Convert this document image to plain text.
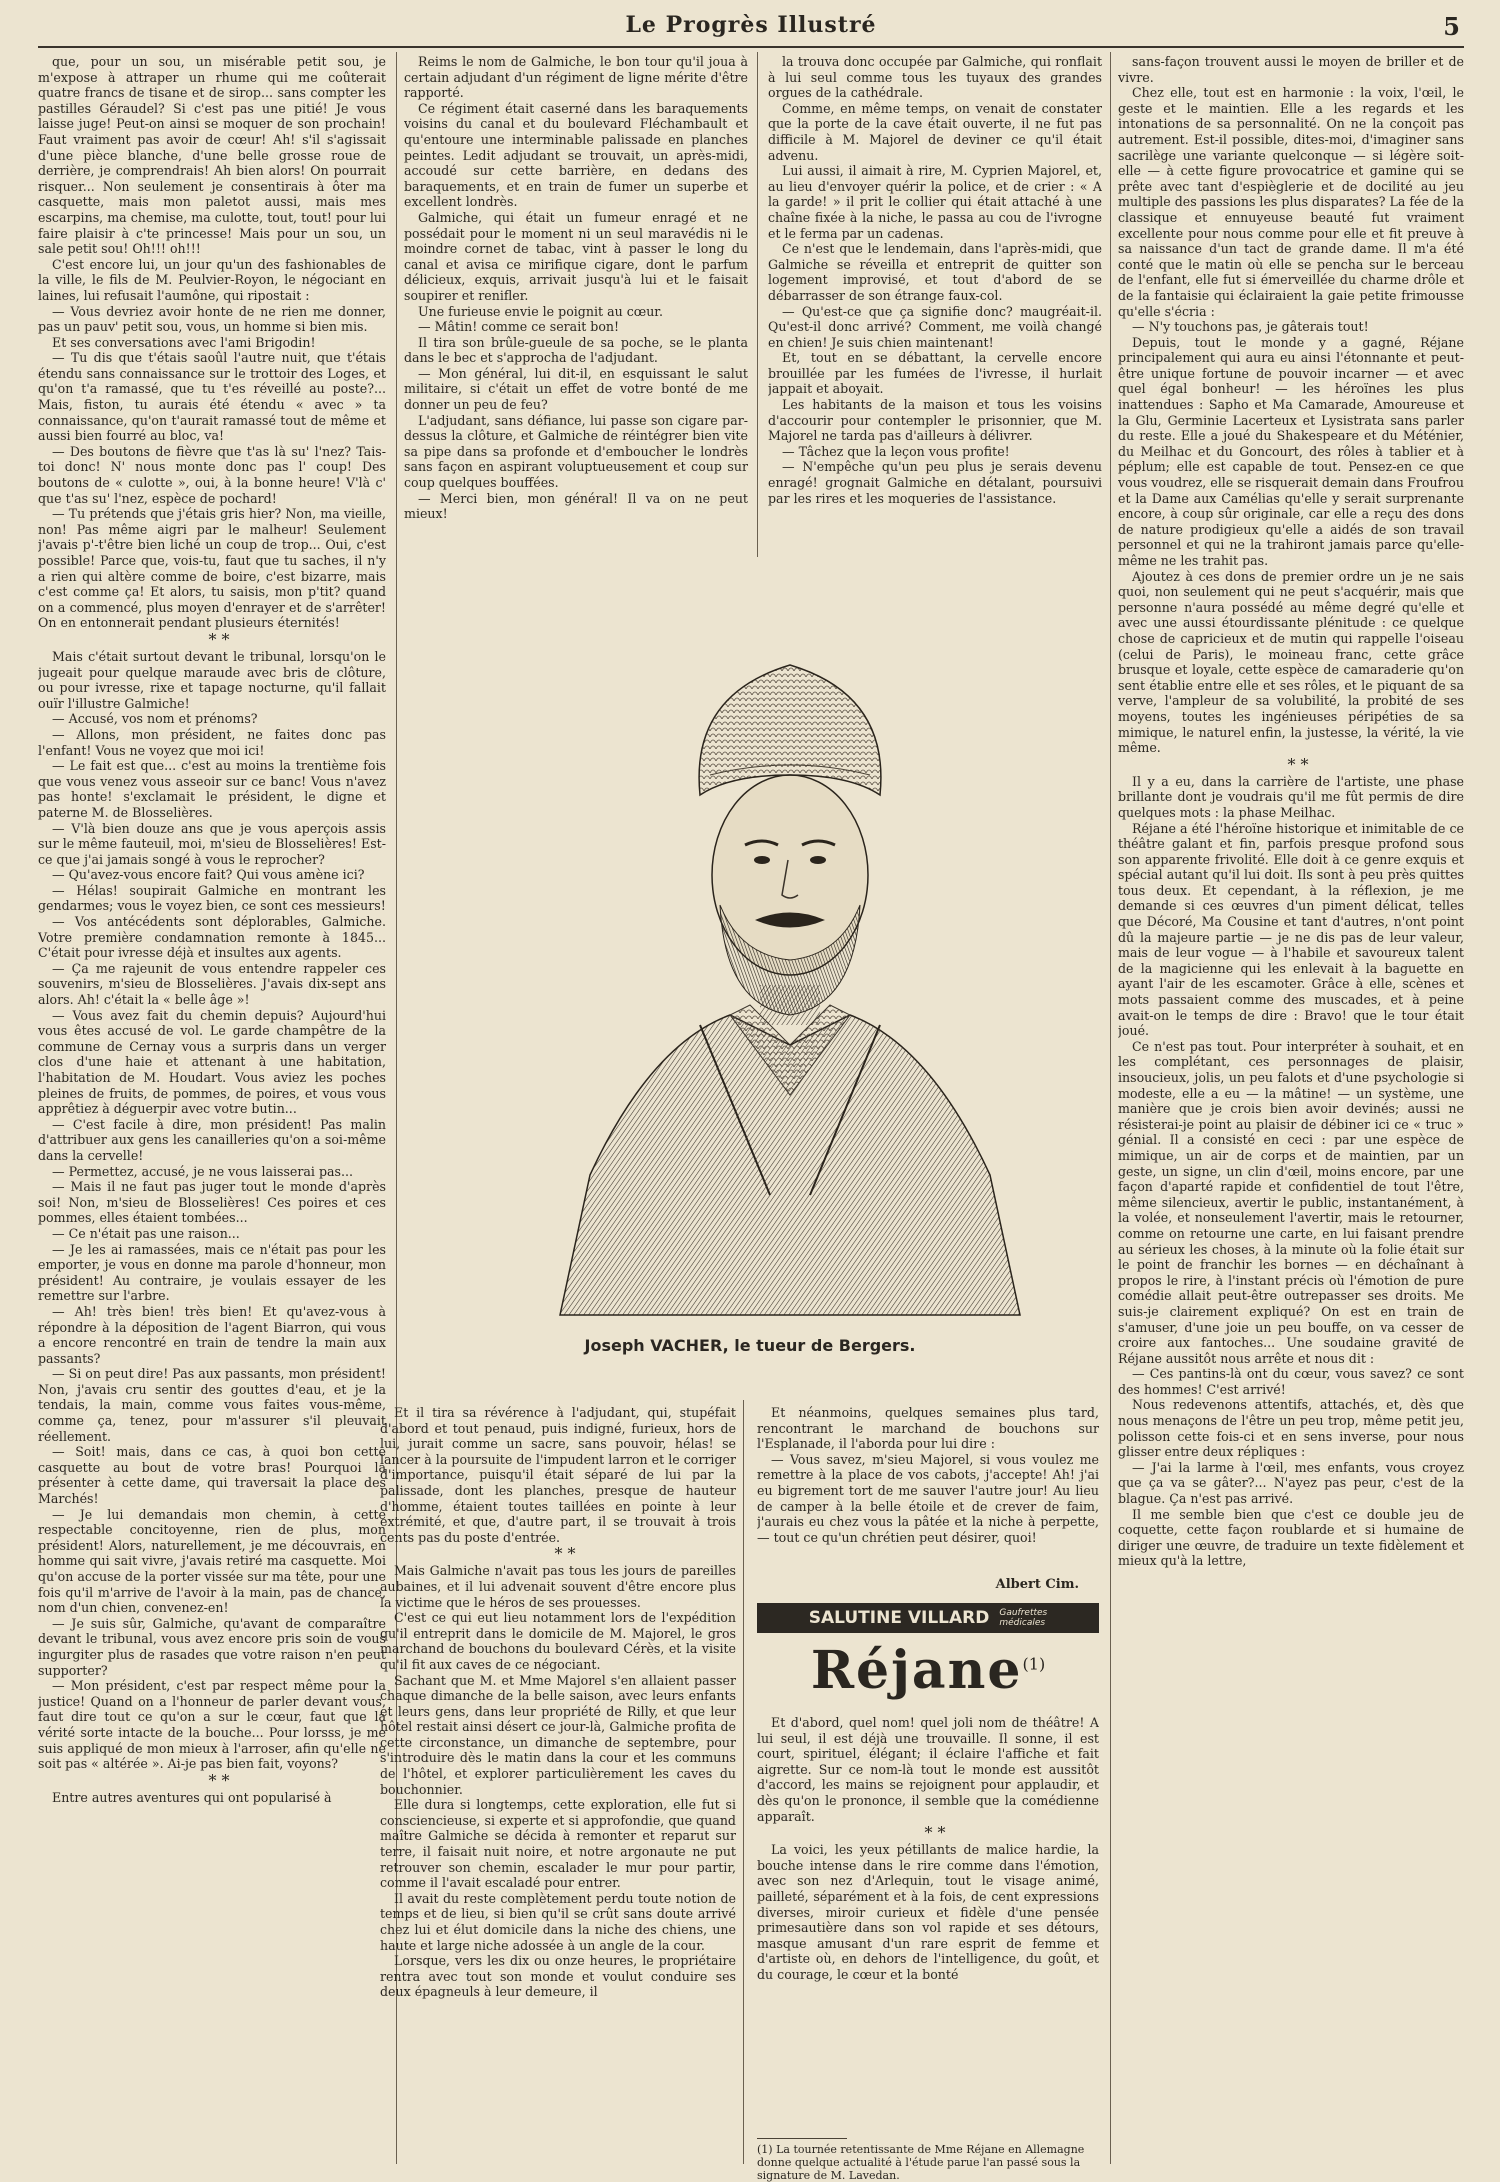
Le Progrès Illustré	5

que, pour un sou, un misérable petit sou, je m'expose à attraper un rhume qui me coûterait quatre francs de tisane et de sirop... sans compter les pastilles Géraudel? Si c'est pas une pitié! Je vous laisse juge! Peut-on ainsi se moquer de son prochain! Faut vraiment pas avoir de cœur! Ah! s'il s'agissait d'une pièce blanche, d'une belle grosse roue de derrière, je comprendrais! Ah bien alors! On pourrait risquer... Non seulement je consentirais à ôter ma casquette, mais mon paletot aussi, mais mes escarpins, ma chemise, ma culotte, tout, tout! pour lui faire plaisir à c'te princesse! Mais pour un sou, un sale petit sou! Oh!!! oh!!!

C'est encore lui, un jour qu'un des fashionables de la ville, le fils de M. Peulvier-Royon, le négociant en laines, lui refusait l'aumône, qui ripostait :

— Vous devriez avoir honte de ne rien me donner, pas un pauv' petit sou, vous, un homme si bien mis.

Et ses conversations avec l'ami Brigodin!

— Tu dis que t'étais saoûl l'autre nuit, que t'étais étendu sans connaissance sur le trottoir des Loges, et qu'on t'a ramassé, que tu t'es réveillé au poste?... Mais, fiston, tu aurais été étendu « avec » ta connaissance, qu'on t'aurait ramassé tout de même et aussi bien fourré au bloc, va!

— Des boutons de fièvre que t'as là su' l'nez? Tais-toi donc! N' nous monte donc pas l' coup! Des boutons de « culotte », oui, à la bonne heure! V'là c' que t'as su' l'nez, espèce de pochard!

— Tu prétends que j'étais gris hier? Non, ma vieille, non! Pas même aigri par le malheur! Seulement j'avais p'-t'être bien liché un coup de trop... Oui, c'est possible! Parce que, vois-tu, faut que tu saches, il n'y a rien qui altère comme de boire, c'est bizarre, mais c'est comme ça! Et alors, tu saisis, mon p'tit? quand on a commencé, plus moyen d'enrayer et de s'arrêter! On en entonnerait pendant plusieurs éternités!

* *

Mais c'était surtout devant le tribunal, lorsqu'on le jugeait pour quelque maraude avec bris de clôture, ou pour ivresse, rixe et tapage nocturne, qu'il fallait ouïr l'illustre Galmiche!

— Accusé, vos nom et prénoms?

— Allons, mon président, ne faites donc pas l'enfant! Vous ne voyez que moi ici!

— Le fait est que... c'est au moins la trentième fois que vous venez vous asseoir sur ce banc! Vous n'avez pas honte! s'exclamait le président, le digne et paterne M. de Blosselières.

— V'là bien douze ans que je vous aperçois assis sur le même fauteuil, moi, m'sieu de Blosselières! Est-ce que j'ai jamais songé à vous le reprocher?

— Qu'avez-vous encore fait? Qui vous amène ici?

— Hélas! soupirait Galmiche en montrant les gendarmes; vous le voyez bien, ce sont ces messieurs!

— Vos antécédents sont déplorables, Galmiche. Votre première condamnation remonte à 1845... C'était pour ivresse déjà et insultes aux agents.

— Ça me rajeunit de vous entendre rappeler ces souvenirs, m'sieu de Blosselières. J'avais dix-sept ans alors. Ah! c'était la « belle âge »!

— Vous avez fait du chemin depuis? Aujourd'hui vous êtes accusé de vol. Le garde champêtre de la commune de Cernay vous a surpris dans un verger clos d'une haie et attenant à une habitation, l'habitation de M. Houdart. Vous aviez les poches pleines de fruits, de pommes, de poires, et vous vous apprêtiez à déguerpir avec votre butin...

— C'est facile à dire, mon président! Pas malin d'attribuer aux gens les canailleries qu'on a soi-même dans la cervelle!

— Permettez, accusé, je ne vous laisserai pas...

— Mais il ne faut pas juger tout le monde d'après soi! Non, m'sieu de Blosselières! Ces poires et ces pommes, elles étaient tombées...

— Ce n'était pas une raison...

— Je les ai ramassées, mais ce n'était pas pour les emporter, je vous en donne ma parole d'honneur, mon président! Au contraire, je voulais essayer de les remettre sur l'arbre.

— Ah! très bien! très bien! Et qu'avez-vous à répondre à la déposition de l'agent Biarron, qui vous a encore rencontré en train de tendre la main aux passants?

— Si on peut dire! Pas aux passants, mon président! Non, j'avais cru sentir des gouttes d'eau, et je la tendais, la main, comme vous faites vous-même, comme ça, tenez, pour m'assurer s'il pleuvait réellement.

— Soit! mais, dans ce cas, à quoi bon cette casquette au bout de votre bras! Pourquoi la présenter à cette dame, qui traversait la place des Marchés!

— Je lui demandais mon chemin, à cette respectable concitoyenne, rien de plus, mon président! Alors, naturellement, je me découvrais, en homme qui sait vivre, j'avais retiré ma casquette. Moi qu'on accuse de la porter vissée sur ma tête, pour une fois qu'il m'arrive de l'avoir à la main, pas de chance, nom d'un chien, convenez-en!

— Je suis sûr, Galmiche, qu'avant de comparaître devant le tribunal, vous avez encore pris soin de vous ingurgiter plus de rasades que votre raison n'en peut supporter?

— Mon président, c'est par respect même pour la justice! Quand on a l'honneur de parler devant vous, faut dire tout ce qu'on a sur le cœur, faut que la vérité sorte intacte de la bouche... Pour lorsss, je me suis appliqué de mon mieux à l'arroser, afin qu'elle ne soit pas « altérée ». Ai-je pas bien fait, voyons?

* *

Entre autres aventures qui ont popularisé à

Reims le nom de Galmiche, le bon tour qu'il joua à certain adjudant d'un régiment de ligne mérite d'être rapporté.

Ce régiment était caserné dans les baraquements voisins du canal et du boulevard Fléchambault et qu'entoure une interminable palissade en planches peintes. Ledit adjudant se trouvait, un après-midi, accoudé sur cette barrière, en dedans des baraquements, et en train de fumer un superbe et excellent londrès.

Galmiche, qui était un fumeur enragé et ne possédait pour le moment ni un seul maravédis ni le moindre cornet de tabac, vint à passer le long du canal et avisa ce mirifique cigare, dont le parfum délicieux, exquis, arrivait jusqu'à lui et le faisait soupirer et renifler.

Une furieuse envie le poignit au cœur.

— Mâtin! comme ce serait bon!

Il tira son brûle-gueule de sa poche, se le planta dans le bec et s'approcha de l'adjudant.

— Mon général, lui dit-il, en esquissant le salut militaire, si c'était un effet de votre bonté de me donner un peu de feu?

L'adjudant, sans défiance, lui passe son cigare par-dessus la clôture, et Galmiche de réintégrer bien vite sa pipe dans sa profonde et d'emboucher le londrès sans façon en aspirant voluptueusement et coup sur coup quelques bouffées.

— Merci bien, mon général! Il va on ne peut mieux!

la trouva donc occupée par Galmiche, qui ronflait à lui seul comme tous les tuyaux des grandes orgues de la cathédrale.

Comme, en même temps, on venait de constater que la porte de la cave était ouverte, il ne fut pas difficile à M. Majorel de deviner ce qu'il était advenu.

Lui aussi, il aimait à rire, M. Cyprien Majorel, et, au lieu d'envoyer quérir la police, et de crier : « A la garde! » il prit le collier qui était attaché à une chaîne fixée à la niche, le passa au cou de l'ivrogne et le ferma par un cadenas.

Ce n'est que le lendemain, dans l'après-midi, que Galmiche se réveilla et entreprit de quitter son logement improvisé, et tout d'abord de se débarrasser de son étrange faux-col.

— Qu'est-ce que ça signifie donc? maugréait-il. Qu'est-il donc arrivé? Comment, me voilà changé en chien! Je suis chien maintenant!

Et, tout en se débattant, la cervelle encore brouillée par les fumées de l'ivresse, il hurlait jappait et aboyait.

Les habitants de la maison et tous les voisins d'accourir pour contempler le prisonnier, que M. Majorel ne tarda pas d'ailleurs à délivrer.

— Tâchez que la leçon vous profite!

— N'empêche qu'un peu plus je serais devenu enragé! grognait Galmiche en détalant, poursuivi par les rires et les moqueries de l'assistance.

Joseph VACHER, le tueur de Bergers.

Et il tira sa révérence à l'adjudant, qui, stupéfait d'abord et tout penaud, puis indigné, furieux, hors de lui, jurait comme un sacre, sans pouvoir, hélas! se lancer à la poursuite de l'impudent larron et le corriger d'importance, puisqu'il était séparé de lui par la palissade, dont les planches, presque de hauteur d'homme, étaient toutes taillées en pointe à leur extrémité, et que, d'autre part, il se trouvait à trois cents pas du poste d'entrée.

* *

Mais Galmiche n'avait pas tous les jours de pareilles aubaines, et il lui advenait souvent d'être encore plus la victime que le héros de ses prouesses.

C'est ce qui eut lieu notamment lors de l'expédition qu'il entreprit dans le domicile de M. Majorel, le gros marchand de bouchons du boulevard Cérès, et la visite qu'il fit aux caves de ce négociant.

Sachant que M. et Mme Majorel s'en allaient passer chaque dimanche de la belle saison, avec leurs enfants et leurs gens, dans leur propriété de Rilly, et que leur hôtel restait ainsi désert ce jour-là, Galmiche profita de cette circonstance, un dimanche de septembre, pour s'introduire dès le matin dans la cour et les communs de l'hôtel, et explorer particulièrement les caves du bouchonnier.

Elle dura si longtemps, cette exploration, elle fut si consciencieuse, si experte et si approfondie, que quand maître Galmiche se décida à remonter et reparut sur terre, il faisait nuit noire, et notre argonaute ne put retrouver son chemin, escalader le mur pour partir, comme il l'avait escaladé pour entrer.

Il avait du reste complètement perdu toute notion de temps et de lieu, si bien qu'il se crût sans doute arrivé chez lui et élut domicile dans la niche des chiens, une haute et large niche adossée à un angle de la cour.

Lorsque, vers les dix ou onze heures, le propriétaire rentra avec tout son monde et voulut conduire ses deux épagneuls à leur demeure, il

Et néanmoins, quelques semaines plus tard, rencontrant le marchand de bouchons sur l'Esplanade, il l'aborda pour lui dire :

— Vous savez, m'sieu Majorel, si vous voulez me remettre à la place de vos cabots, j'accepte! Ah! j'ai eu bigrement tort de me sauver l'autre jour! Au lieu de camper à la belle étoile et de crever de faim, j'aurais eu chez vous la pâtée et la niche à perpette, — tout ce qu'un chrétien peut désirer, quoi!

Albert Cim.
SALUTINE VILLARD Gaufrettes
médicales
Réjane$^{(1)}$

Et d'abord, quel nom! quel joli nom de théâtre! A lui seul, il est déjà une trouvaille. Il sonne, il est court, spirituel, élégant; il éclaire l'affiche et fait aigrette. Sur ce nom-là tout le monde est aussitôt d'accord, les mains se rejoignent pour applaudir, et dès qu'on le prononce, il semble que la comédienne apparaît.

* *

La voici, les yeux pétillants de malice hardie, la bouche intense dans le rire comme dans l'émotion, avec son nez d'Arlequin, tout le visage animé, pailleté, séparément et à la fois, de cent expressions diverses, miroir curieux et fidèle d'une pensée primesautière dans son vol rapide et ses détours, masque amusant d'un rare esprit de femme et d'artiste où, en dehors de l'intelligence, du goût, et du courage, le cœur et la bonté

(1) La tournée retentissante de Mme Réjane en Allemagne donne quelque actualité à l'étude parue l'an passé sous la signature de M. Lavedan.

sans-façon trouvent aussi le moyen de briller et de vivre.

Chez elle, tout est en harmonie : la voix, l'œil, le geste et le maintien. Elle a les regards et les intonations de sa personnalité. On ne la conçoit pas autrement. Est-il possible, dites-moi, d'imaginer sans sacrilège une variante quelconque — si légère soit-elle — à cette figure provocatrice et gamine qui se prête avec tant d'espièglerie et de docilité au jeu multiple des passions les plus disparates? La fée de la classique et ennuyeuse beauté fut vraiment excellente pour nous comme pour elle et fit preuve à sa naissance d'un tact de grande dame. Il m'a été conté que le matin où elle se pencha sur le berceau de l'enfant, elle fut si émerveillée du charme drôle et de la fantaisie qui éclairaient la gaie petite frimousse qu'elle s'écria :

— N'y touchons pas, je gâterais tout!

Depuis, tout le monde y a gagné, Réjane principalement qui aura eu ainsi l'étonnante et peut-être unique fortune de pouvoir incarner — et avec quel égal bonheur! — les héroïnes les plus inattendues : Sapho et Ma Camarade, Amoureuse et la Glu, Germinie Lacerteux et Lysistrata sans parler du reste. Elle a joué du Shakespeare et du Méténier, du Meilhac et du Goncourt, des rôles à tablier et à péplum; elle est capable de tout. Pensez-en ce que vous voudrez, elle se risquerait demain dans Froufrou et la Dame aux Camélias qu'elle y serait surprenante encore, à coup sûr originale, car elle a reçu des dons de nature prodigieux qu'elle a aidés de son travail personnel et qui ne la trahiront jamais parce qu'elle-même ne les trahit pas.

Ajoutez à ces dons de premier ordre un je ne sais quoi, non seulement qui ne peut s'acquérir, mais que personne n'aura possédé au même degré qu'elle et avec une aussi étourdissante plénitude : ce quelque chose de capricieux et de mutin qui rappelle l'oiseau (celui de Paris), le moineau franc, cette grâce brusque et loyale, cette espèce de camaraderie qu'on sent établie entre elle et ses rôles, et le piquant de sa verve, l'ampleur de sa volubilité, la probité de ses moyens, toutes les ingénieuses péripéties de sa mimique, le naturel enfin, la justesse, la vérité, la vie même.

* *

Il y a eu, dans la carrière de l'artiste, une phase brillante dont je voudrais qu'il me fût permis de dire quelques mots : la phase Meilhac.

Réjane a été l'héroïne historique et inimitable de ce théâtre galant et fin, parfois presque profond sous son apparente frivolité. Elle doit à ce genre exquis et spécial autant qu'il lui doit. Ils sont à peu près quittes tous deux. Et cependant, à la réflexion, je me demande si ces œuvres d'un piment délicat, telles que Décoré, Ma Cousine et tant d'autres, n'ont point dû la majeure partie — je ne dis pas de leur valeur, mais de leur vogue — à l'habile et savoureux talent de la magicienne qui les enlevait à la baguette en ayant l'air de les escamoter. Grâce à elle, scènes et mots passaient comme des muscades, et à peine avait-on le temps de dire : Bravo! que le tour était joué.

Ce n'est pas tout. Pour interpréter à souhait, et en les complétant, ces personnages de plaisir, insoucieux, jolis, un peu falots et d'une psychologie si modeste, elle a eu — la mâtine! — un système, une manière que je crois bien avoir devinés; aussi ne résisterai-je point au plaisir de débiner ici ce « truc » génial. Il a consisté en ceci : par une espèce de mimique, un air de corps et de maintien, par un geste, un signe, un clin d'œil, moins encore, par une façon d'aparté rapide et confidentiel de tout l'être, même silencieux, avertir le public, instantanément, à la volée, et nonseulement l'avertir, mais le retourner, comme on retourne une carte, en lui faisant prendre au sérieux les choses, à la minute où la folie était sur le point de franchir les bornes — en déchaînant à propos le rire, à l'instant précis où l'émotion de pure comédie allait peut-être outrepasser ses droits. Me suis-je clairement expliqué? On est en train de s'amuser, d'une joie un peu bouffe, on va cesser de croire aux fantoches... Une soudaine gravité de Réjane aussitôt nous arrête et nous dit :

— Ces pantins-là ont du cœur, vous savez? ce sont des hommes! C'est arrivé!

Nous redevenons attentifs, attachés, et, dès que nous menaçons de l'être un peu trop, même petit jeu, polisson cette fois-ci et en sens inverse, pour nous glisser entre deux répliques :

— J'ai la larme à l'œil, mes enfants, vous croyez que ça va se gâter?... N'ayez pas peur, c'est de la blague. Ça n'est pas arrivé.

Il me semble bien que c'est ce double jeu de coquette, cette façon roublarde et si humaine de diriger une œuvre, de traduire un texte fidèlement et mieux qu'à la lettre,
